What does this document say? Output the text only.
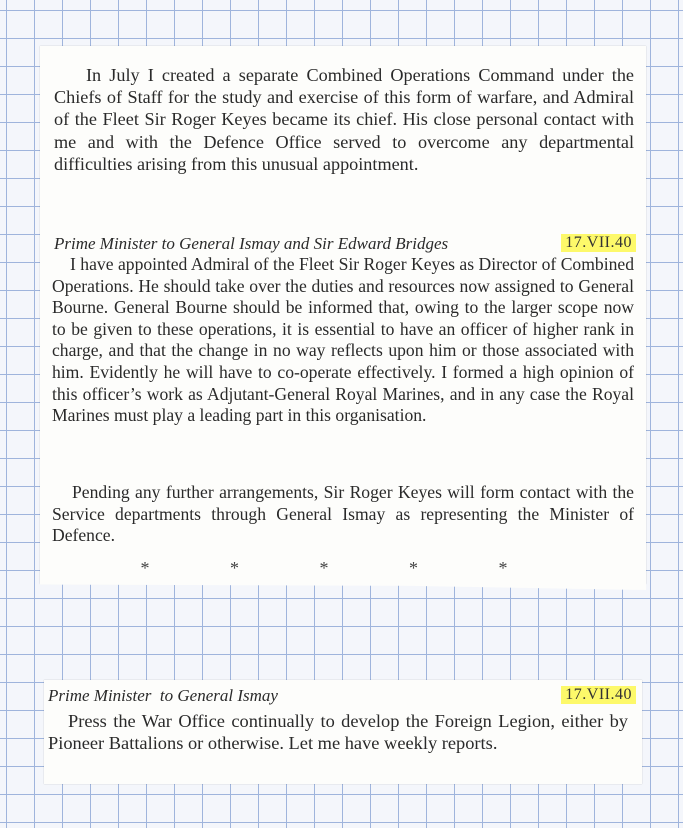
In July I created a separate Combined Operations Command under the Chiefs of Staff for the study and exercise of this form of warfare, and Admiral of the Fleet Sir Roger Keyes became its chief. His close personal contact with me and with the Defence Office served to overcome any departmental difficulties arising from this unusual appointment.

Prime Minister to General Ismay and Sir Edward Bridges	17.VII.40

I have appointed Admiral of the Fleet Sir Roger Keyes as Director of Combined Operations. He should take over the duties and resources now assigned to General Bourne. General Bourne should be informed that, owing to the larger scope now to be given to these operations, it is essential to have an officer of higher rank in charge, and that the change in no way reflects upon him or those associated with him. Evidently he will have to co-operate effectively. I formed a high opinion of this officer’s work as Adjutant-General Royal Marines, and in any case the Royal Marines must play a leading part in this organisation.

Pending any further arrangements, Sir Roger Keyes will form contact with the Service departments through General Ismay as representing the Minister of Defence.

* * * * *
Prime Minister  to General Ismay	17.VII.40

Press the War Office continually to develop the Foreign Legion, either by Pioneer Battalions or otherwise. Let me have weekly reports.
